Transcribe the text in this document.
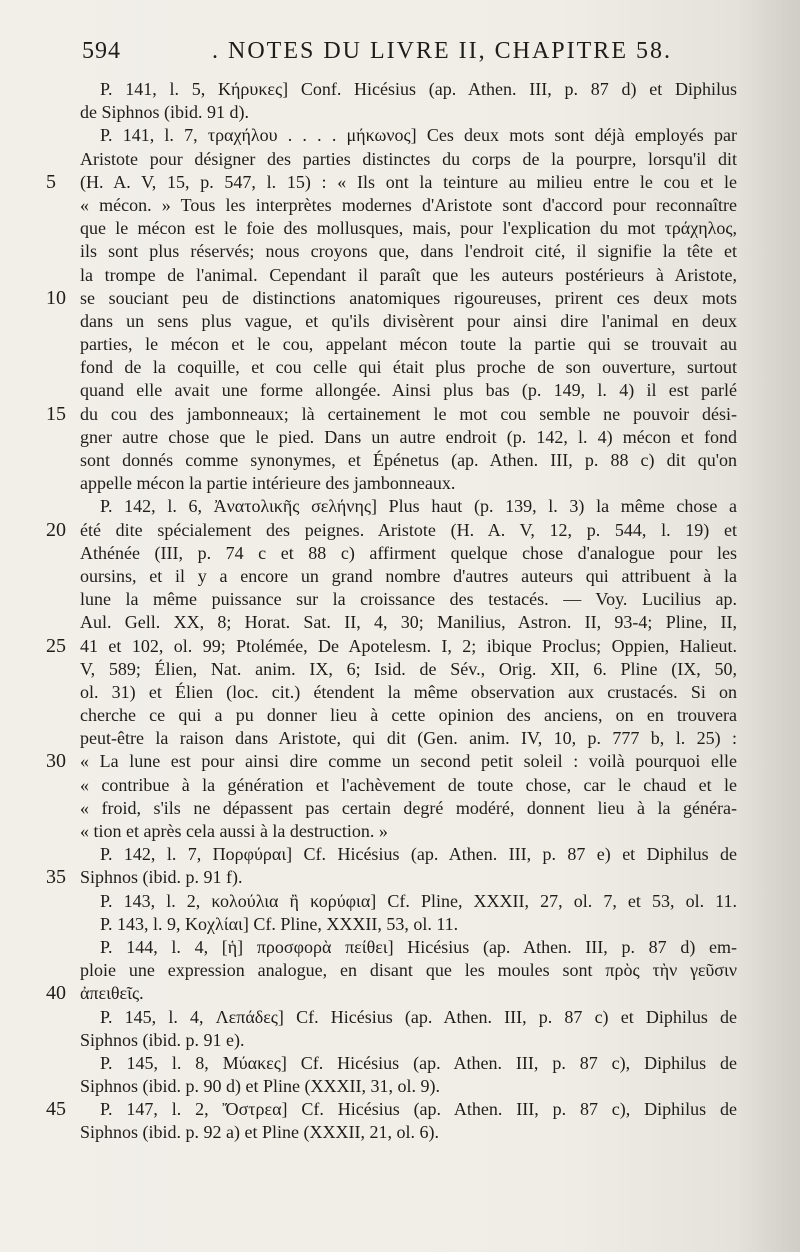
594	. NOTES DU LIVRE II, CHAPITRE 58.
P. 141, l. 5, Κήρυκες] Conf. Hicésius (ap. Athen. III, p. 87 d) et Diphilus
de Siphnos (ibid. 91 d).
P. 141, l. 7, τραχήλου . . . . μήκωνος] Ces deux mots sont déjà employés par
Aristote pour désigner des parties distinctes du corps de la pourpre, lorsqu'il dit
5 (H. A. V, 15, p. 547, l. 15) : « Ils ont la teinture au milieu entre le cou et le
« mécon. » Tous les interprètes modernes d'Aristote sont d'accord pour reconnaître
que le mécon est le foie des mollusques, mais, pour l'explication du mot τράχηλος,
ils sont plus réservés; nous croyons que, dans l'endroit cité, il signifie la tête et
la trompe de l'animal. Cependant il paraît que les auteurs postérieurs à Aristote,
10 se souciant peu de distinctions anatomiques rigoureuses, prirent ces deux mots
dans un sens plus vague, et qu'ils divisèrent pour ainsi dire l'animal en deux
parties, le mécon et le cou, appelant mécon toute la partie qui se trouvait au
fond de la coquille, et cou celle qui était plus proche de son ouverture, surtout
quand elle avait une forme allongée. Ainsi plus bas (p. 149, l. 4) il est parlé
15 du cou des jambonneaux; là certainement le mot cou semble ne pouvoir dési-
gner autre chose que le pied. Dans un autre endroit (p. 142, l. 4) mécon et fond
sont donnés comme synonymes, et Épénetus (ap. Athen. III, p. 88 c) dit qu'on
appelle mécon la partie intérieure des jambonneaux.
P. 142, l. 6, Ἀνατολικῆς σελήνης] Plus haut (p. 139, l. 3) la même chose a
20 été dite spécialement des peignes. Aristote (H. A. V, 12, p. 544, l. 19) et
Athénée (III, p. 74 c et 88 c) affirment quelque chose d'analogue pour les
oursins, et il y a encore un grand nombre d'autres auteurs qui attribuent à la
lune la même puissance sur la croissance des testacés. — Voy. Lucilius ap.
Aul. Gell. XX, 8; Horat. Sat. II, 4, 30; Manilius, Astron. II, 93-4; Pline, II,
25 41 et 102, ol. 99; Ptolémée, De Apotelesm. I, 2; ibique Proclus; Oppien, Halieut.
V, 589; Élien, Nat. anim. IX, 6; Isid. de Sév., Orig. XII, 6. Pline (IX, 50,
ol. 31) et Élien (loc. cit.) étendent la même observation aux crustacés. Si on
cherche ce qui a pu donner lieu à cette opinion des anciens, on en trouvera
peut-être la raison dans Aristote, qui dit (Gen. anim. IV, 10, p. 777 b, l. 25) :
30 « La lune est pour ainsi dire comme un second petit soleil : voilà pourquoi elle
« contribue à la génération et l'achèvement de toute chose, car le chaud et le
« froid, s'ils ne dépassent pas certain degré modéré, donnent lieu à la généra-
« tion et après cela aussi à la destruction. »
P. 142, l. 7, Πορφύραι] Cf. Hicésius (ap. Athen. III, p. 87 e) et Diphilus de
35 Siphnos (ibid. p. 91 f).
P. 143, l. 2, κολούλια ἢ κορύφια] Cf. Pline, XXXII, 27, ol. 7, et 53, ol. 11.
P. 143, l. 9, Κοχλίαι] Cf. Pline, XXXII, 53, ol. 11.
P. 144, l. 4, [ἡ] προσφορὰ πείθει] Hicésius (ap. Athen. III, p. 87 d) em-
ploie une expression analogue, en disant que les moules sont πρὸς τὴν γεῦσιν
40 ἀπειθεῖς.
P. 145, l. 4, Λεπάδες] Cf. Hicésius (ap. Athen. III, p. 87 c) et Diphilus de
Siphnos (ibid. p. 91 e).
P. 145, l. 8, Μύακες] Cf. Hicésius (ap. Athen. III, p. 87 c), Diphilus de
Siphnos (ibid. p. 90 d) et Pline (XXXII, 31, ol. 9).
45 P. 147, l. 2, Ὄστρεα] Cf. Hicésius (ap. Athen. III, p. 87 c), Diphilus de
Siphnos (ibid. p. 92 a) et Pline (XXXII, 21, ol. 6).
